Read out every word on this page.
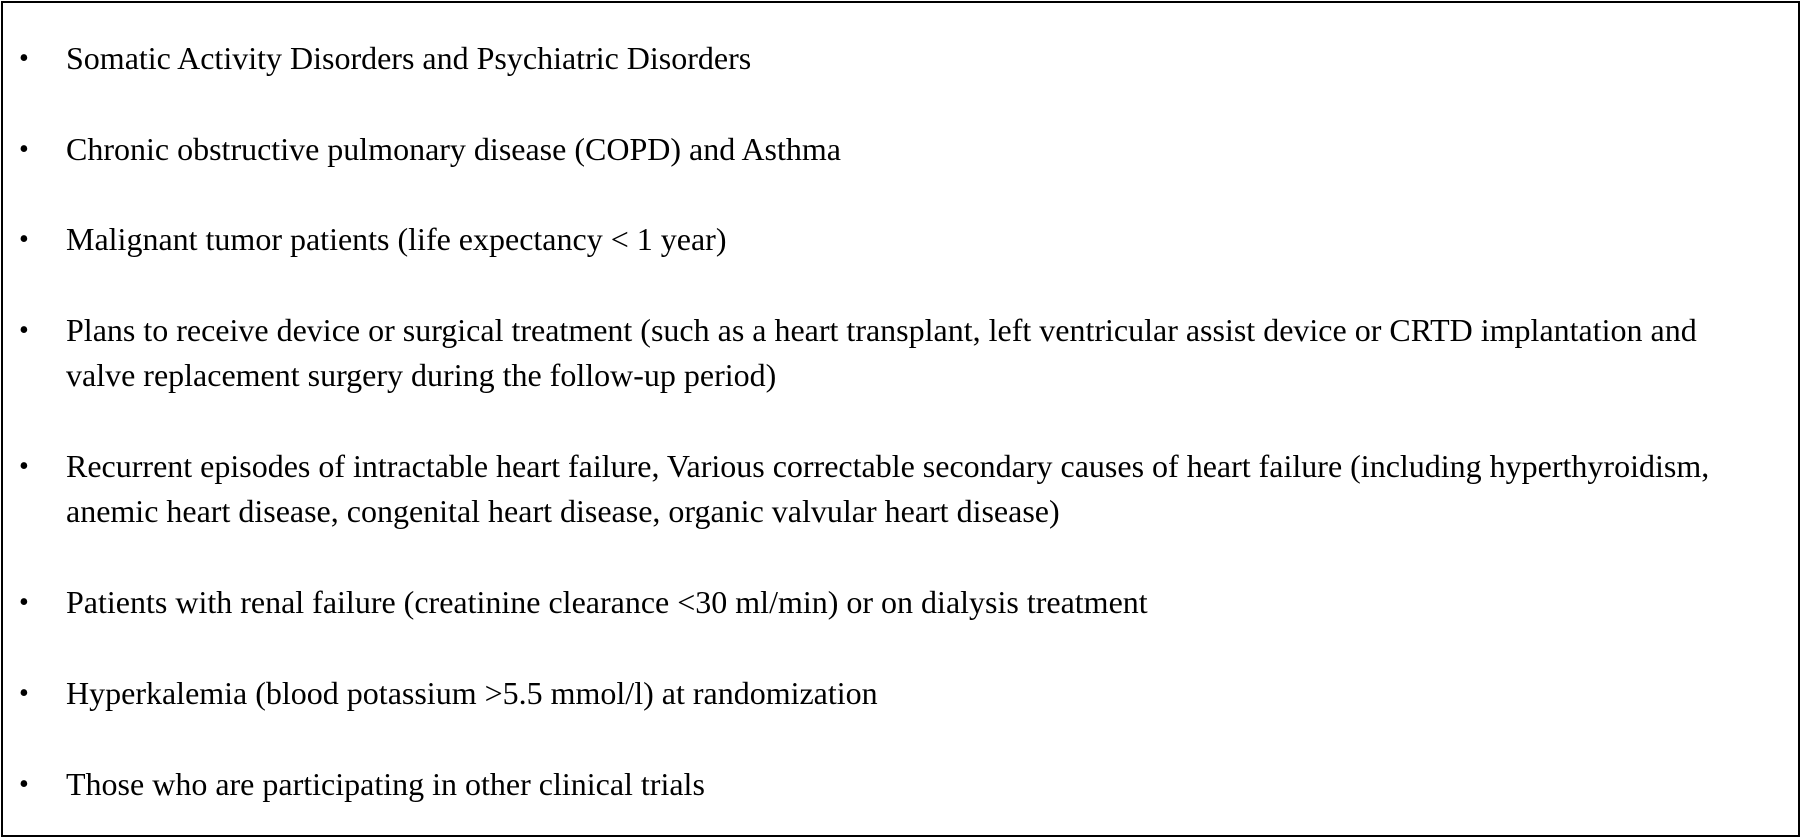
•	Somatic Activity Disorders and Psychiatric Disorders
•	Chronic obstructive pulmonary disease (COPD) and Asthma
•	Malignant tumor patients (life expectancy < 1 year)
•	Plans to receive device or surgical treatment (such as a heart transplant, left ventricular assist device or CRTD implantation and valve replacement surgery during the follow-up period)
•	Recurrent episodes of intractable heart failure, Various correctable secondary causes of heart failure (including hyperthyroidism, anemic heart disease, congenital heart disease, organic valvular heart disease)
•	Patients with renal failure (creatinine clearance <30 ml/min) or on dialysis treatment
•	Hyperkalemia (blood potassium >5.5 mmol/l) at randomization
•	Those who are participating in other clinical trials
